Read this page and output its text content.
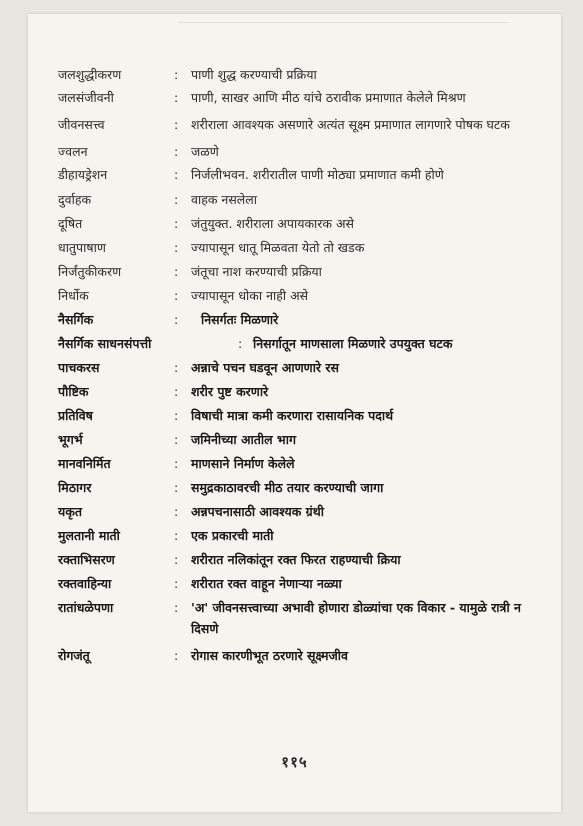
जलशुद्धीकरण	: पाणी शुद्ध करण्याची प्रक्रिया
जलसंजीवनी	: पाणी, साखर आणि मीठ यांचे ठरावीक प्रमाणात केलेले मिश्रण
जीवनसत्त्व	: शरीराला आवश्यक असणारे अत्यंत सूक्ष्म प्रमाणात लागणारे पोषक घटक
ज्वलन	: जळणे
डीहायड्रेशन	: निर्जलीभवन. शरीरातील पाणी मोठ्या प्रमाणात कमी होणे
दुर्वाहक	: वाहक नसलेला
दूषित	: जंतुयुक्त. शरीराला अपायकारक असे
धातुपाषाण	: ज्यापासून धातू मिळवता येतो तो खडक
निर्जंतुकीकरण	: जंतूचा नाश करण्याची प्रक्रिया
निर्धोक	: ज्यापासून धोका नाही असे
नैसर्गिक	:	निसर्गतः मिळणारे
नैसर्गिक साधनसंपत्ती	: निसर्गातून माणसाला मिळणारे उपयुक्त घटक
पाचकरस	: अन्नाचे पचन घडवून आणणारे रस
पौष्टिक	: शरीर पुष्ट करणारे
प्रतिविष	: विषाची मात्रा कमी करणारा रासायनिक पदार्थ
भूगर्भ	: जमिनीच्या आतील भाग
मानवनिर्मित	: माणसाने निर्माण केलेले
मिठागर	: समुद्रकाठावरची मीठ तयार करण्याची जागा
यकृत	: अन्नपचनासाठी आवश्यक ग्रंथी
मुलतानी माती	: एक प्रकारची माती
रक्ताभिसरण	: शरीरात नलिकांतून रक्त फिरत राहण्याची क्रिया
रक्तवाहिन्या	: शरीरात रक्त वाहून नेणाऱ्या नळ्या
रातांधळेपणा	: 'अ' जीवनसत्त्वाच्या अभावी होणारा डोळ्यांचा एक विकार - यामुळे रात्री न दिसणे
रोगजंतू	: रोगास कारणीभूत ठरणारे सूक्ष्मजीव
११५
